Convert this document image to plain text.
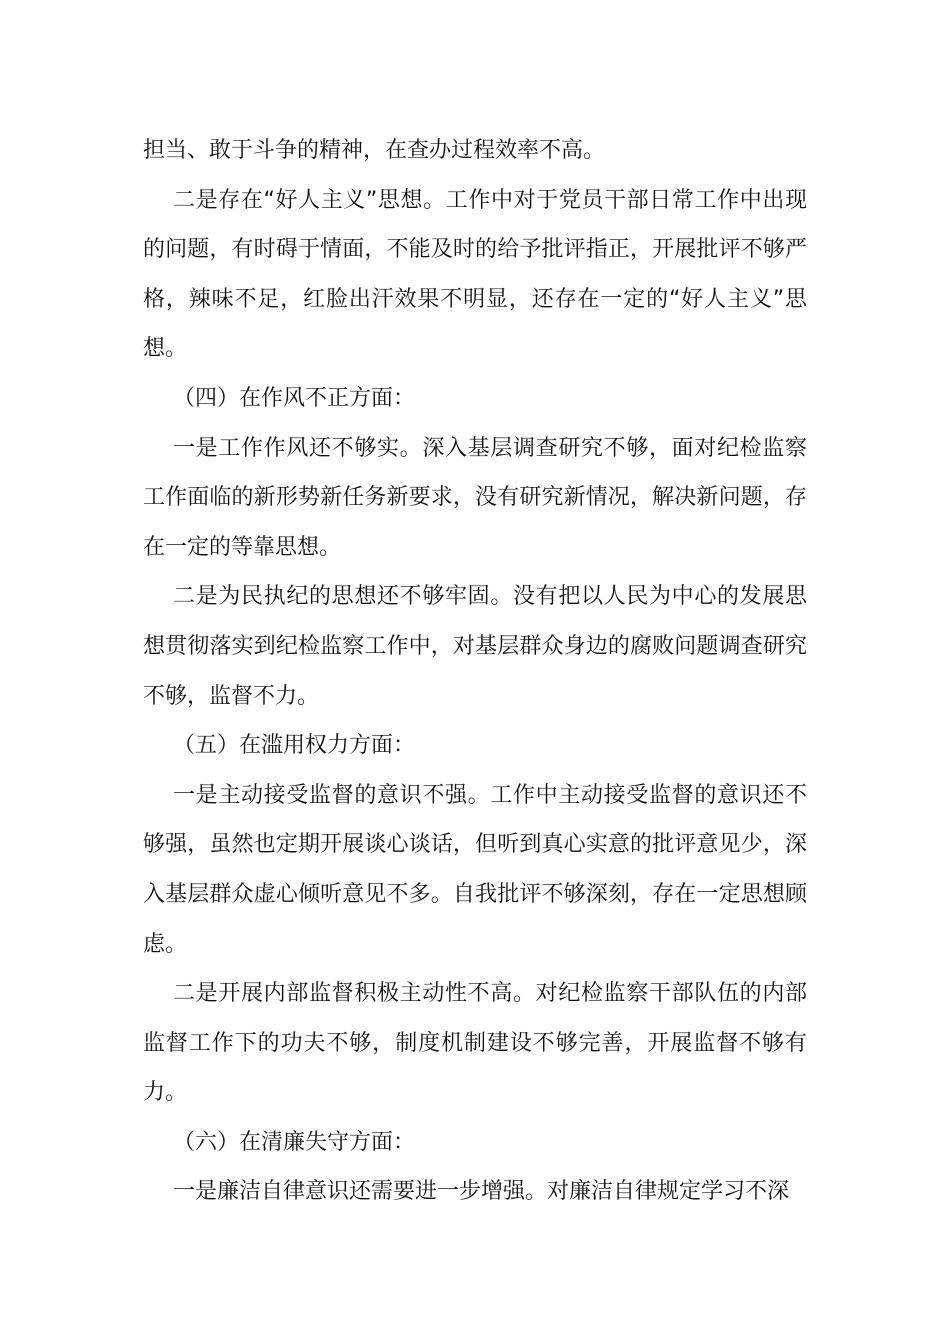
担当、敢于斗争的精神，在查办过程效率不高。

二是存在“好人主义”思想。工作中对于党员干部日常工作中出现的问题，有时碍于情面，不能及时的给予批评指正，开展批评不够严格，辣味不足，红脸出汗效果不明显，还存在一定的“好人主义”思想。

（四）在作风不正方面：

一是工作作风还不够实。深入基层调查研究不够，面对纪检监察工作面临的新形势新任务新要求，没有研究新情况，解决新问题，存在一定的等靠思想。

二是为民执纪的思想还不够牢固。没有把以人民为中心的发展思想贯彻落实到纪检监察工作中，对基层群众身边的腐败问题调查研究不够，监督不力。

（五）在滥用权力方面：

一是主动接受监督的意识不强。工作中主动接受监督的意识还不够强，虽然也定期开展谈心谈话，但听到真心实意的批评意见少，深入基层群众虚心倾听意见不多。自我批评不够深刻，存在一定思想顾虑。

二是开展内部监督积极主动性不高。对纪检监察干部队伍的内部监督工作下的功夫不够，制度机制建设不够完善，开展监督不够有力。

（六）在清廉失守方面：

一是廉洁自律意识还需要进一步增强。对廉洁自律规定学习不深
